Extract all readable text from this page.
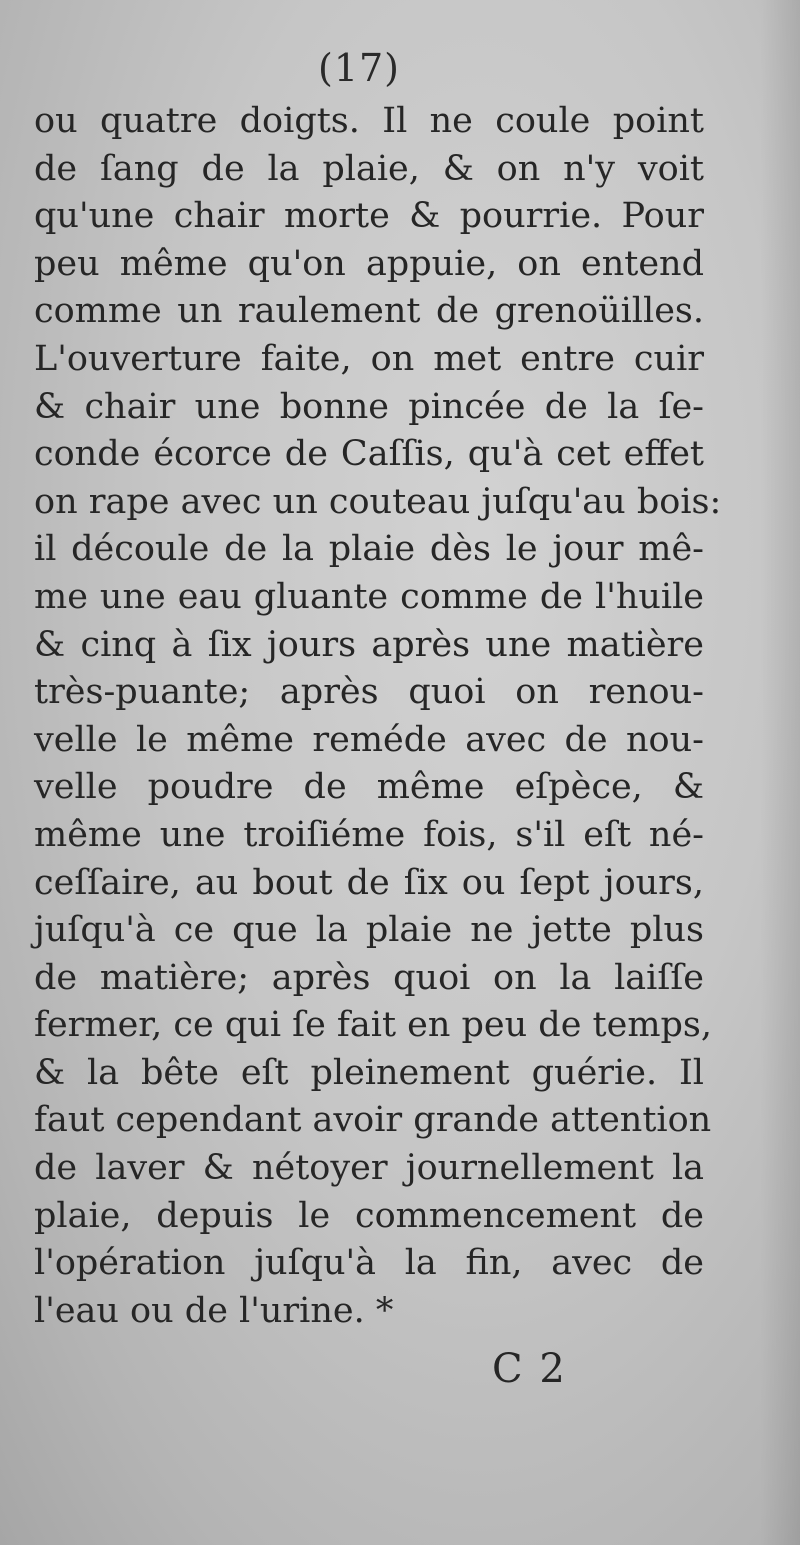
(17)
ou quatre doigts. Il ne coule point
de ſang de la plaie, & on n'y voit
qu'une chair morte & pourrie. Pour
peu même qu'on appuie, on entend
comme un raulement de grenoüilles.
L'ouverture faite, on met entre cuir
& chair une bonne pincée de la ſe-
conde écorce de Caſſis, qu'à cet effet
on rape avec un couteau juſqu'au bois:
il découle de la plaie dès le jour mê-
me une eau gluante comme de l'huile
& cinq à ſix jours après une matière
très-puante; après quoi on renou-
velle le même reméde avec de nou-
velle poudre de même eſpèce, &
même une troiſiéme fois, s'il eſt né-
ceſſaire, au bout de ſix ou ſept jours,
juſqu'à ce que la plaie ne jette plus
de matière; après quoi on la laiſſe
fermer, ce qui ſe fait en peu de temps,
& la bête eſt pleinement guérie. Il
faut cependant avoir grande attention
de laver & nétoyer journellement la
plaie, depuis le commencement de
l'opération juſqu'à la fin, avec de
l'eau ou de l'urine. *
C 2
